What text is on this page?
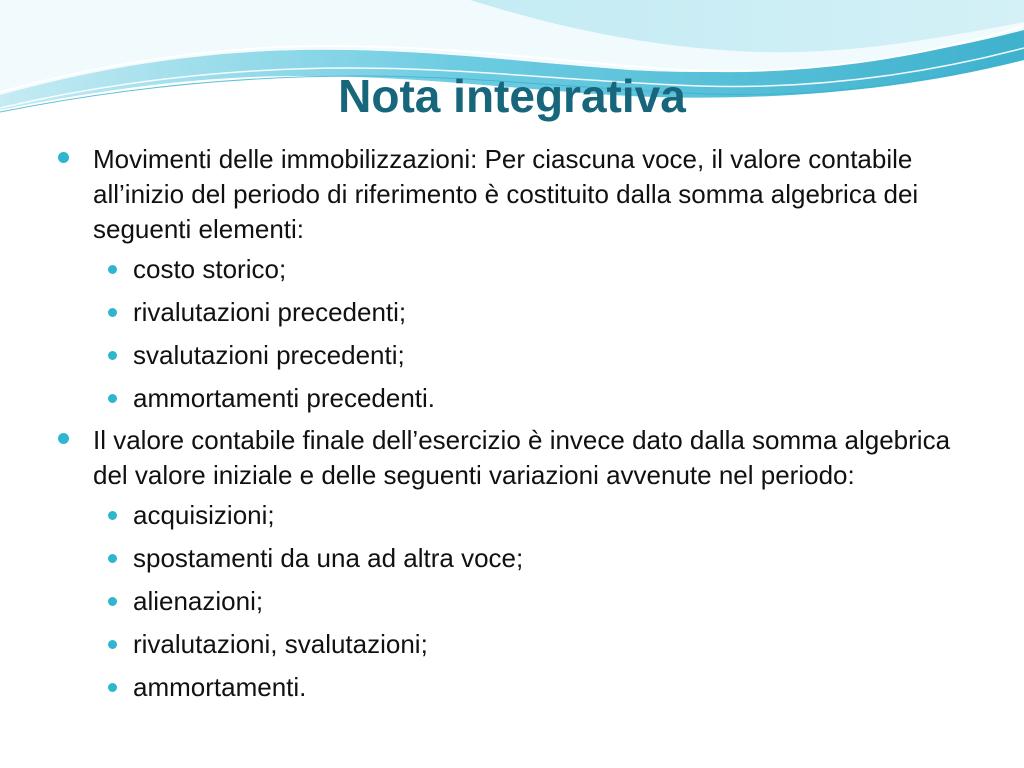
Nota integrativa

Movimenti delle immobilizzazioni: Per ciascuna voce, il valore contabile all’inizio del periodo di riferimento è costituito dalla somma algebrica dei seguenti elementi:

costo storico;
rivalutazioni precedenti;
svalutazioni precedenti;
ammortamenti precedenti.

Il valore contabile finale dell’esercizio è invece dato dalla somma algebrica del valore iniziale e delle seguenti variazioni avvenute nel periodo:

acquisizioni;
spostamenti da una ad altra voce;
alienazioni;
rivalutazioni, svalutazioni;
ammortamenti.
